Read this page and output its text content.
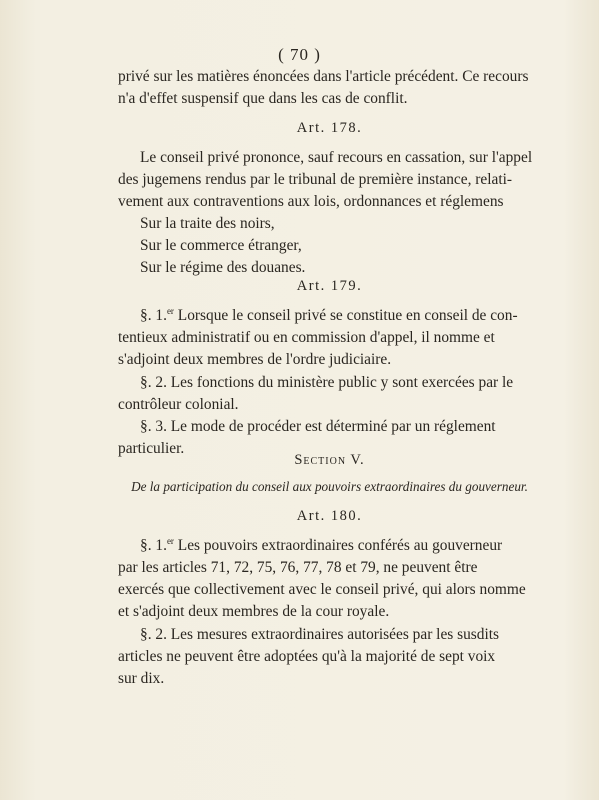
( 70 )
privé sur les matières énoncées dans l'article précédent. Ce recours
n'a d'effet suspensif que dans les cas de conflit.
Art. 178.
Le conseil privé prononce, sauf recours en cassation, sur l'appel
des jugemens rendus par le tribunal de première instance, relati-
vement aux contraventions aux lois, ordonnances et réglemens
Sur la traite des noirs,
Sur le commerce étranger,
Sur le régime des douanes.
Art. 179.
§. 1.$^{er}$ Lorsque le conseil privé se constitue en conseil de con-
tentieux administratif ou en commission d'appel, il nomme et
s'adjoint deux membres de l'ordre judiciaire.
§. 2. Les fonctions du ministère public y sont exercées par le
contrôleur colonial.
§. 3. Le mode de procéder est déterminé par un réglement
particulier.
Section V.
De la participation du conseil aux pouvoirs extraordinaires du gouverneur.
Art. 180.
§. 1.$^{er}$ Les pouvoirs extraordinaires conférés au gouverneur
par les articles 71, 72, 75, 76, 77, 78 et 79, ne peuvent être
exercés que collectivement avec le conseil privé, qui alors nomme
et s'adjoint deux membres de la cour royale.
§. 2. Les mesures extraordinaires autorisées par les susdits
articles ne peuvent être adoptées qu'à la majorité de sept voix
sur dix.
